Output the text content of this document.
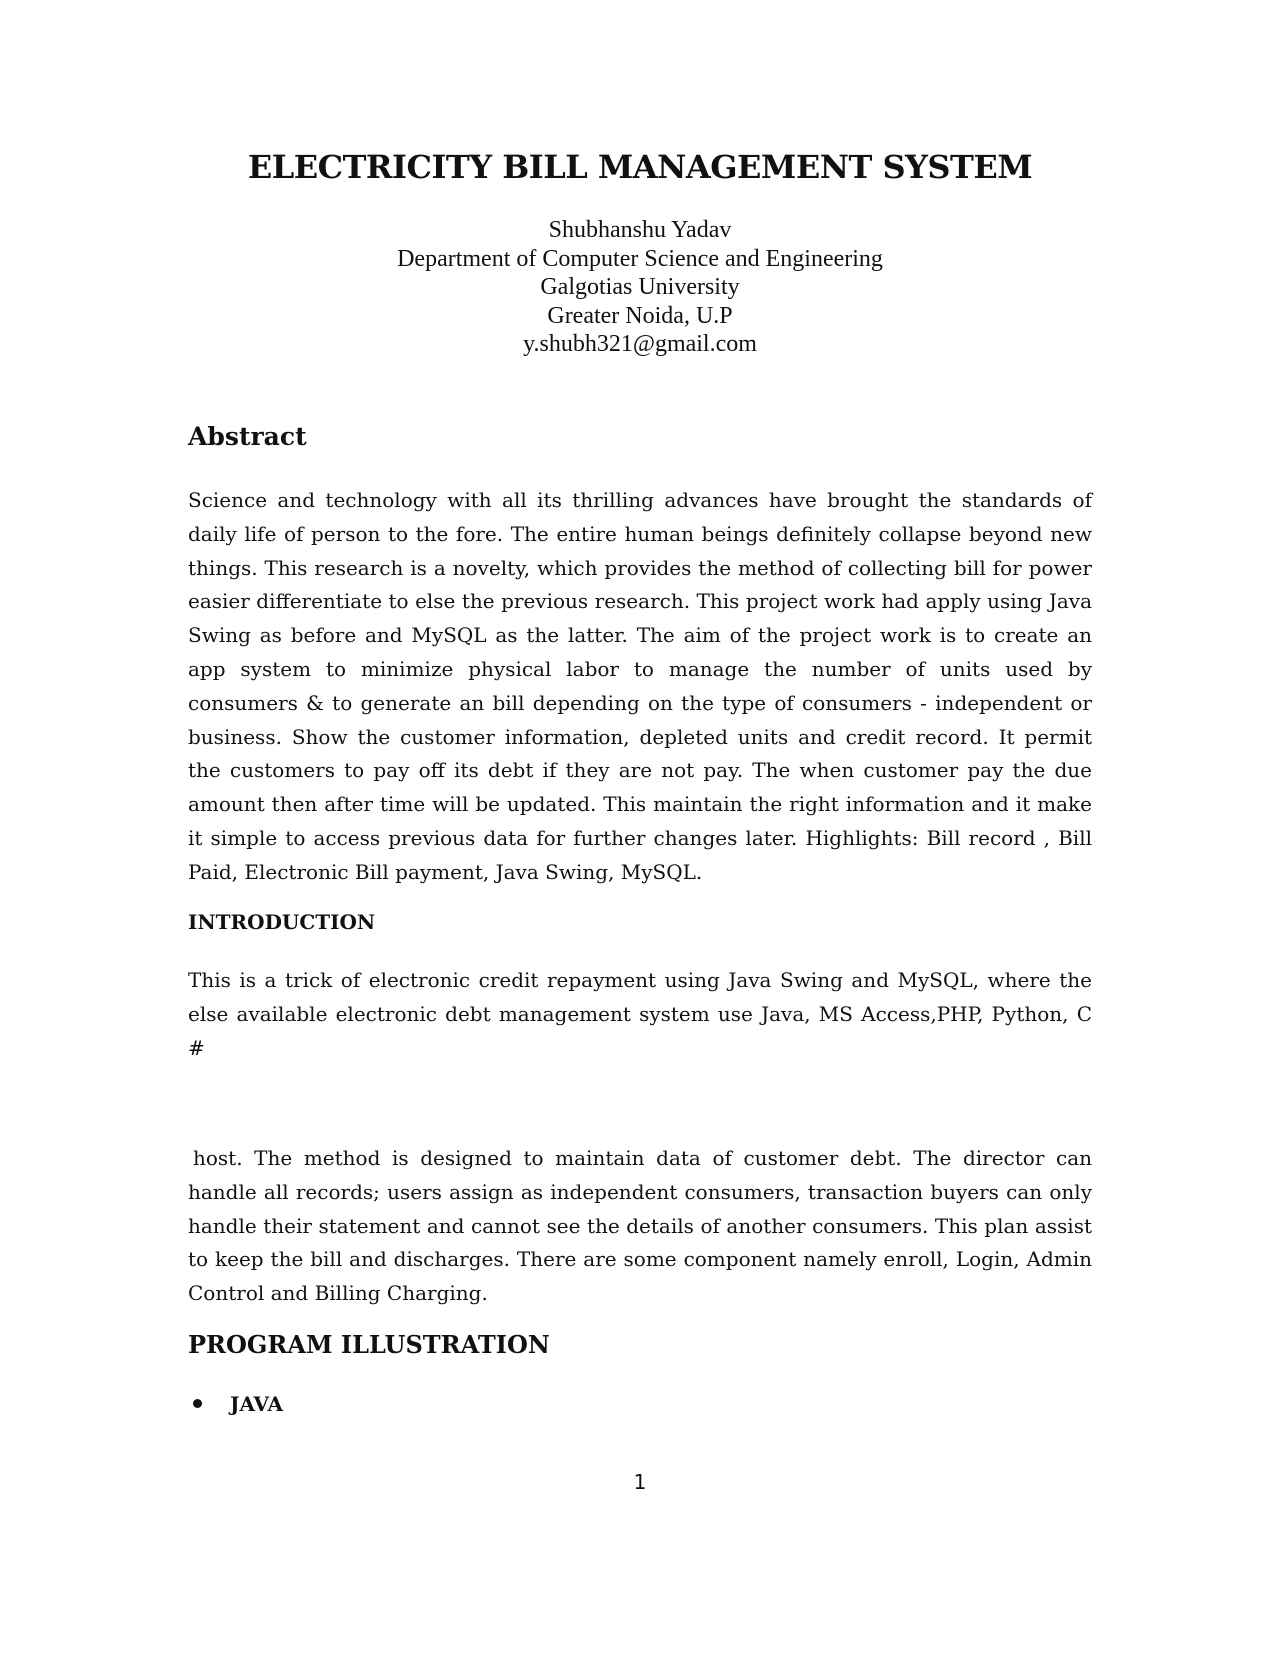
ELECTRICITY BILL MANAGEMENT SYSTEM
Shubhanshu Yadav
Department of Computer Science and Engineering
Galgotias University
Greater Noida, U.P
y.shubh321@gmail.com
Abstract

Science and technology with all its thrilling advances have brought the standards of daily life of person to the fore. The entire human beings definitely collapse beyond new things. This research is a novelty, which provides the method of collecting bill for power easier differentiate to else the previous research. This project work had apply using Java Swing as before and MySQL as the latter. The aim of the project work is to create an app system to minimize physical labor to manage the number of units used by consumers & to generate an bill depending on the type of consumers - independent or business. Show the customer information, depleted units and credit record. It permit the customers to pay off its debt if they are not pay. The when customer pay the due amount then after time will be updated. This maintain the right information and it make it simple to access previous data for further changes later. Highlights: Bill record , Bill Paid, Electronic Bill payment, Java Swing, MySQL.

INTRODUCTION

This is a trick of electronic credit repayment using Java Swing and MySQL, where the else available electronic debt management system use Java, MS Access,PHP, Python, C #

host. The method is designed to maintain data of customer debt. The director can handle all records; users assign as independent consumers, transaction buyers can only handle their statement and cannot see the details of another consumers. This plan assist to keep the bill and discharges. There are some component namely enroll, Login, Admin Control and Billing Charging.

PROGRAM ILLUSTRATION
JAVA
1
